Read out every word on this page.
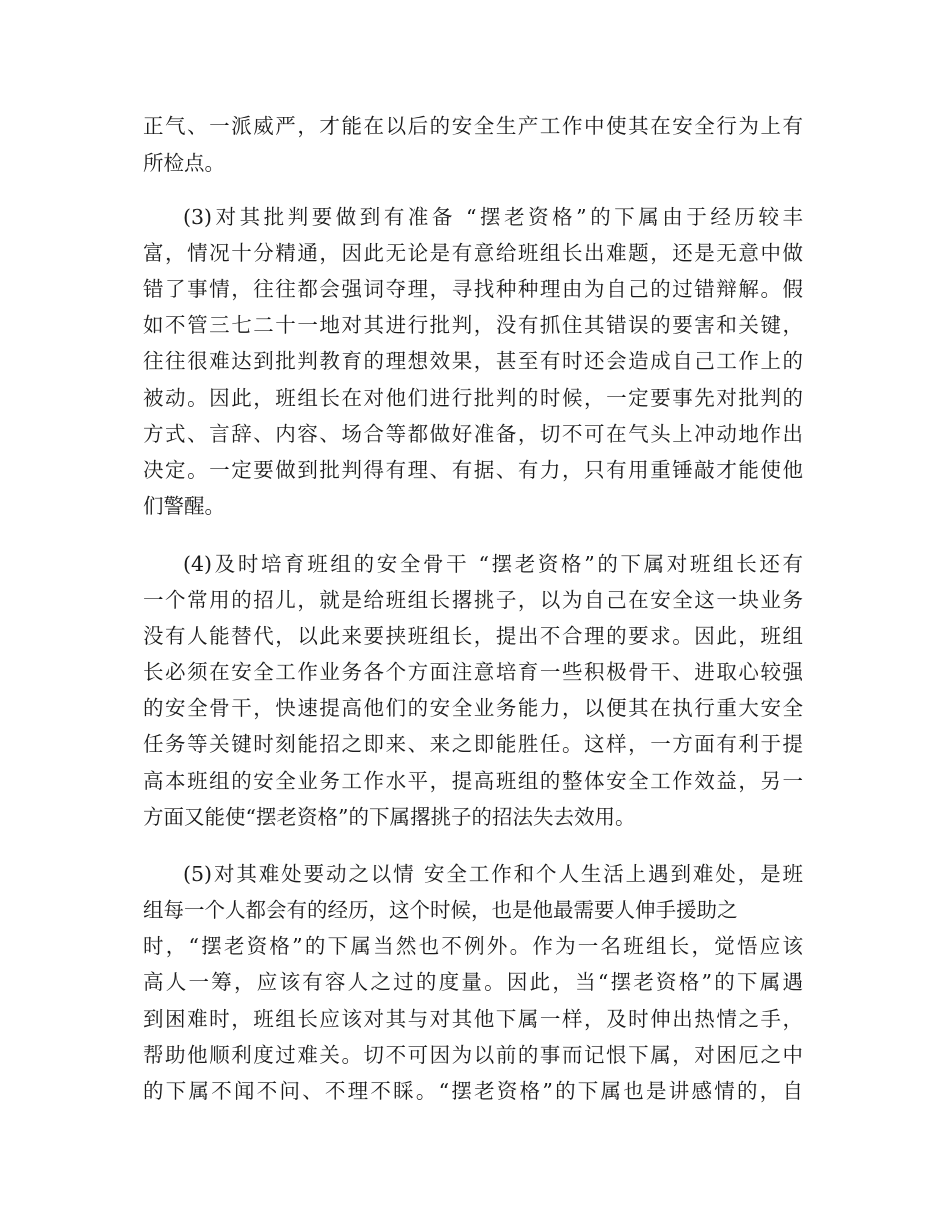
正气、一派威严，才能在以后的安全生产工作中使其在安全行为上有
所检点。
(3)对其批判要做到有准备 “摆老资格”的下属由于经历较丰
富，情况十分精通，因此无论是有意给班组长出难题，还是无意中做
错了事情，往往都会强词夺理，寻找种种理由为自己的过错辩解。假
如不管三七二十一地对其进行批判，没有抓住其错误的要害和关键，
往往很难达到批判教育的理想效果，甚至有时还会造成自己工作上的
被动。因此，班组长在对他们进行批判的时候，一定要事先对批判的
方式、言辞、内容、场合等都做好准备，切不可在气头上冲动地作出
决定。一定要做到批判得有理、有据、有力，只有用重锤敲才能使他
们警醒。
(4)及时培育班组的安全骨干 “摆老资格”的下属对班组长还有
一个常用的招儿，就是给班组长撂挑子，以为自己在安全这一块业务
没有人能替代，以此来要挟班组长，提出不合理的要求。因此，班组
长必须在安全工作业务各个方面注意培育一些积极骨干、进取心较强
的安全骨干，快速提高他们的安全业务能力，以便其在执行重大安全
任务等关键时刻能招之即来、来之即能胜任。这样，一方面有利于提
高本班组的安全业务工作水平，提高班组的整体安全工作效益，另一
方面又能使“摆老资格”的下属撂挑子的招法失去效用。
(5)对其难处要动之以情 安全工作和个人生活上遇到难处，是班
组每一个人都会有的经历，这个时候，也是他最需要人伸手援助之
时，“摆老资格”的下属当然也不例外。作为一名班组长，觉悟应该
高人一筹，应该有容人之过的度量。因此，当“摆老资格”的下属遇
到困难时，班组长应该对其与对其他下属一样，及时伸出热情之手，
帮助他顺利度过难关。切不可因为以前的事而记恨下属，对困厄之中
的下属不闻不问、不理不睬。“摆老资格”的下属也是讲感情的，自
